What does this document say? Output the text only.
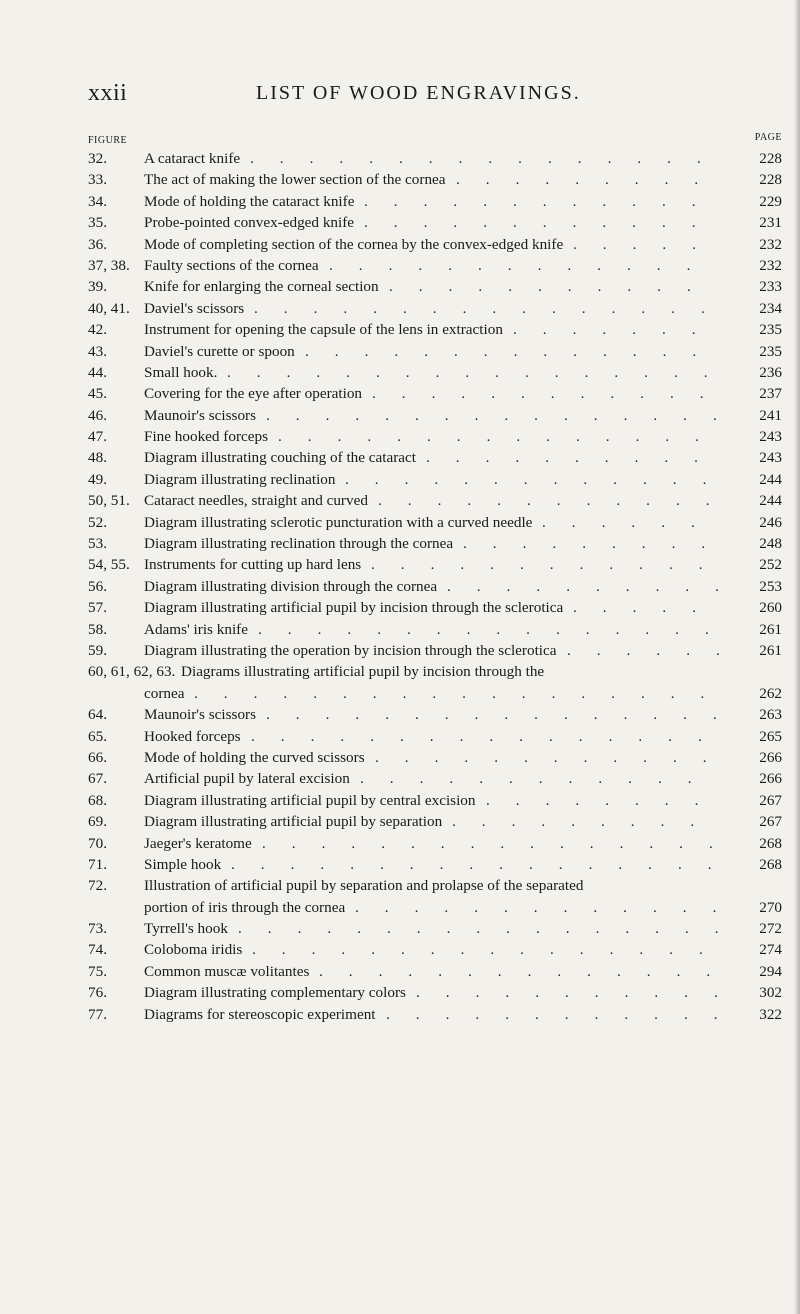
xxii	LIST OF WOOD ENGRAVINGS.
FIGURE	PAGE
32. A cataract knife	228
................
33. The act of making the lower section of the cornea	228
.........
34. Mode of holding the cataract knife	229
............
35. Probe-pointed convex-edged knife	231
............
36. Mode of completing section of the cornea by the convex-edged knife	232
.....
37, 38. Faulty sections of the cornea	232
.............
39. Knife for enlarging the corneal section	233
...........
40, 41. Daviel's scissors	234
................
42. Instrument for opening the capsule of the lens in extraction	235
.......
43. Daviel's curette or spoon	235
..............
44. Small hook.	236
.................
45. Covering for the eye after operation	237
............
46. Maunoir's scissors	241
................
47. Fine hooked forceps	243
...............
48. Diagram illustrating couching of the cataract	243
..........
49. Diagram illustrating reclination	244
.............
50, 51. Cataract needles, straight and curved	244
............
52. Diagram illustrating sclerotic puncturation with a curved needle	246
......
53. Diagram illustrating reclination through the cornea	248
.........
54, 55. Instruments for cutting up hard lens	252
............
56. Diagram illustrating division through the cornea	253
..........
57. Diagram illustrating artificial pupil by incision through the sclerotica	260
.....
58. Adams' iris knife	261
................
59. Diagram illustrating the operation by incision through the sclerotica	261
......
60, 61, 62, 63. Diagrams illustrating artificial pupil by incision through the
cornea	262
..................
64. Maunoir's scissors	263
................
65. Hooked forceps	265
................
66. Mode of holding the curved scissors	266
............
67. Artificial pupil by lateral excision	266
............
68. Diagram illustrating artificial pupil by central excision	267
........
69. Diagram illustrating artificial pupil by separation	267
.........
70. Jaeger's keratome	268
................
71. Simple hook	268
.................
72. Illustration of artificial pupil by separation and prolapse of the separated
portion of iris through the cornea	270
.............
73. Tyrrell's hook	272
.................
74. Coloboma iridis	274
................
75. Common muscæ volitantes	294
..............
76. Diagram illustrating complementary colors	302
...........
77. Diagrams for stereoscopic experiment	322
............
